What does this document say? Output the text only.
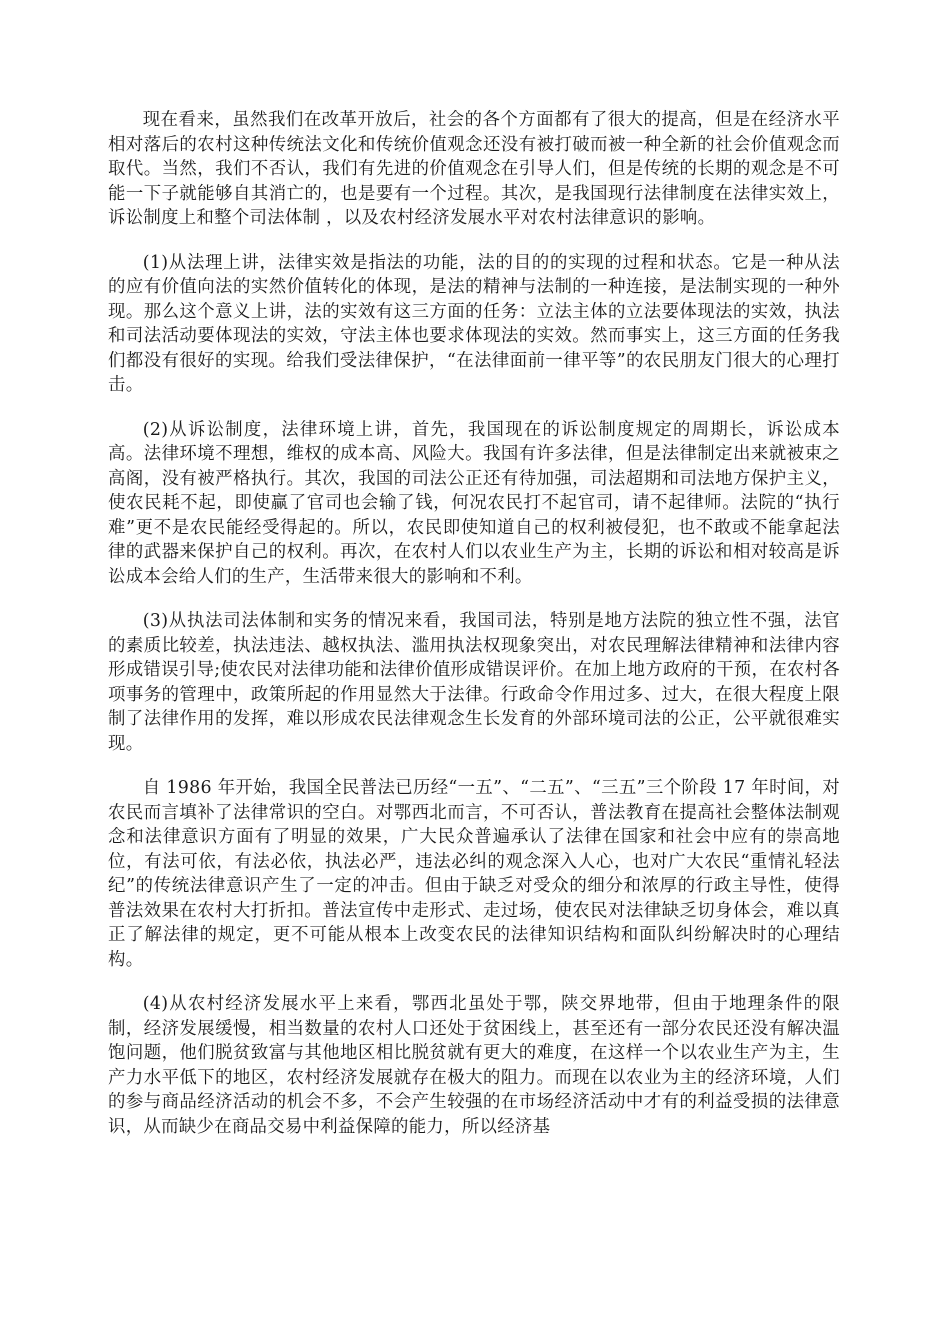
现在看来，虽然我们在改革开放后，社会的各个方面都有了很大的提高，但是在经济水平相对落后的农村这种传统法文化和传统价值观念还没有被打破而被一种全新的社会价值观念而取代。当然，我们不否认，我们有先进的价值观念在引导人们，但是传统的长期的观念是不可能一下子就能够自其消亡的，也是要有一个过程。其次，是我国现行法律制度在法律实效上，诉讼制度上和整个司法体制 ，以及农村经济发展水平对农村法律意识的影响。

(1)从法理上讲，法律实效是指法的功能，法的目的的实现的过程和状态。它是一种从法的应有价值向法的实然价值转化的体现，是法的精神与法制的一种连接，是法制实现的一种外现。那么这个意义上讲，法的实效有这三方面的任务：立法主体的立法要体现法的实效，执法和司法活动要体现法的实效，守法主体也要求体现法的实效。然而事实上，这三方面的任务我们都没有很好的实现。给我们受法律保护，“在法律面前一律平等”的农民朋友门很大的心理打击。

(2)从诉讼制度，法律环境上讲，首先，我国现在的诉讼制度规定的周期长，诉讼成本高。法律环境不理想，维权的成本高、风险大。我国有许多法律，但是法律制定出来就被束之高阁，没有被严格执行。其次，我国的司法公正还有待加强，司法超期和司法地方保护主义，使农民耗不起，即使赢了官司也会输了钱，何况农民打不起官司，请不起律师。法院的“执行难”更不是农民能经受得起的。所以，农民即使知道自己的权利被侵犯，也不敢或不能拿起法律的武器来保护自己的权利。再次，在农村人们以农业生产为主，长期的诉讼和相对较高是诉讼成本会给人们的生产，生活带来很大的影响和不利。

(3)从执法司法体制和实务的情况来看，我国司法，特别是地方法院的独立性不强，法官的素质比较差，执法违法、越权执法、滥用执法权现象突出，对农民理解法律精神和法律内容形成错误引导;使农民对法律功能和法律价值形成错误评价。在加上地方政府的干预，在农村各项事务的管理中，政策所起的作用显然大于法律。行政命令作用过多、过大，在很大程度上限制了法律作用的发挥，难以形成农民法律观念生长发育的外部环境司法的公正，公平就很难实现。

自 1986 年开始，我国全民普法已历经“一五”、“二五”、“三五”三个阶段 17 年时间，对农民而言填补了法律常识的空白。对鄂西北而言，不可否认，普法教育在提高社会整体法制观念和法律意识方面有了明显的效果，广大民众普遍承认了法律在国家和社会中应有的崇高地位，有法可依，有法必依，执法必严，违法必纠的观念深入人心，也对广大农民“重情礼轻法纪”的传统法律意识产生了一定的冲击。但由于缺乏对受众的细分和浓厚的行政主导性，使得普法效果在农村大打折扣。普法宣传中走形式、走过场，使农民对法律缺乏切身体会，难以真正了解法律的规定，更不可能从根本上改变农民的法律知识结构和面队纠纷解决时的心理结构。

(4)从农村经济发展水平上来看，鄂西北虽处于鄂，陕交界地带，但由于地理条件的限制，经济发展缓慢，相当数量的农村人口还处于贫困线上，甚至还有一部分农民还没有解决温饱问题，他们脱贫致富与其他地区相比脱贫就有更大的难度，在这样一个以农业生产为主，生产力水平低下的地区，农村经济发展就存在极大的阻力。而现在以农业为主的经济环境，人们的参与商品经济活动的机会不多，不会产生较强的在市场经济活动中才有的利益受损的法律意识，从而缺少在商品交易中利益保障的能力，所以经济基
